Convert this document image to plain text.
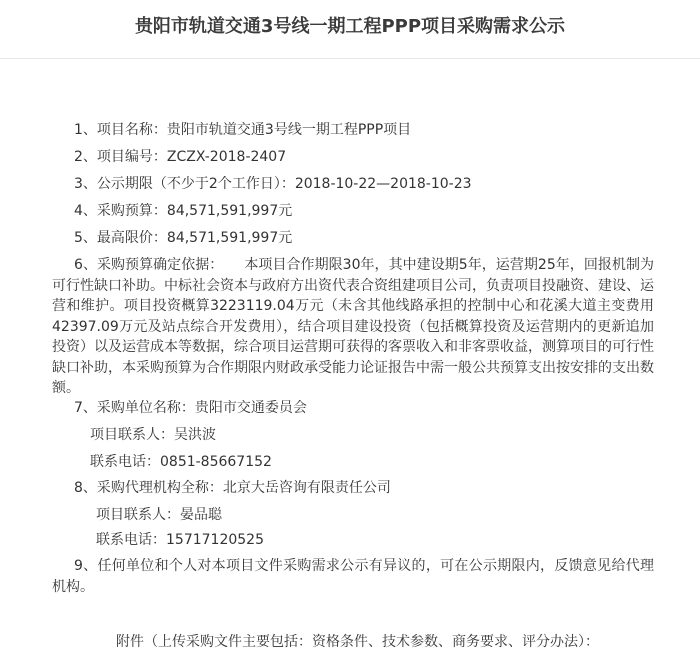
贵阳市轨道交通3号线一期工程PPP项目采购需求公示
1、项目名称：贵阳市轨道交通3号线一期工程PPP项目
2、项目编号：ZCZX-2018-2407
3、公示期限（不少于2个工作日）：2018-10-22—2018-10-23
4、采购预算：84,571,591,997元
5、最高限价：84,571,591,997元
6、采购预算确定依据：　　本项目合作期限30年，其中建设期5年，运营期25年，回报机制为可行性缺口补助。中标社会资本与政府方出资代表合资组建项目公司，负责项目投融资、建设、运营和维护。项目投资概算3223119.04万元（未含其他线路承担的控制中心和花溪大道主变费用42397.09万元及站点综合开发费用），结合项目建设投资（包括概算投资及运营期内的更新追加投资）以及运营成本等数据，综合项目运营期可获得的客票收入和非客票收益，测算项目的可行性缺口补助，本采购预算为合作期限内财政承受能力论证报告中需一般公共预算支出按安排的支出数额。
7、采购单位名称：贵阳市交通委员会
项目联系人：吴洪波
联系电话：0851-85667152
8、采购代理机构全称：北京大岳咨询有限责任公司
项目联系人：晏品聪
联系电话：15717120525
9、任何单位和个人对本项目文件采购需求公示有异议的，可在公示期限内，反馈意见给代理机构。
附件（上传采购文件主要包括：资格条件、技术参数、商务要求、评分办法）：
